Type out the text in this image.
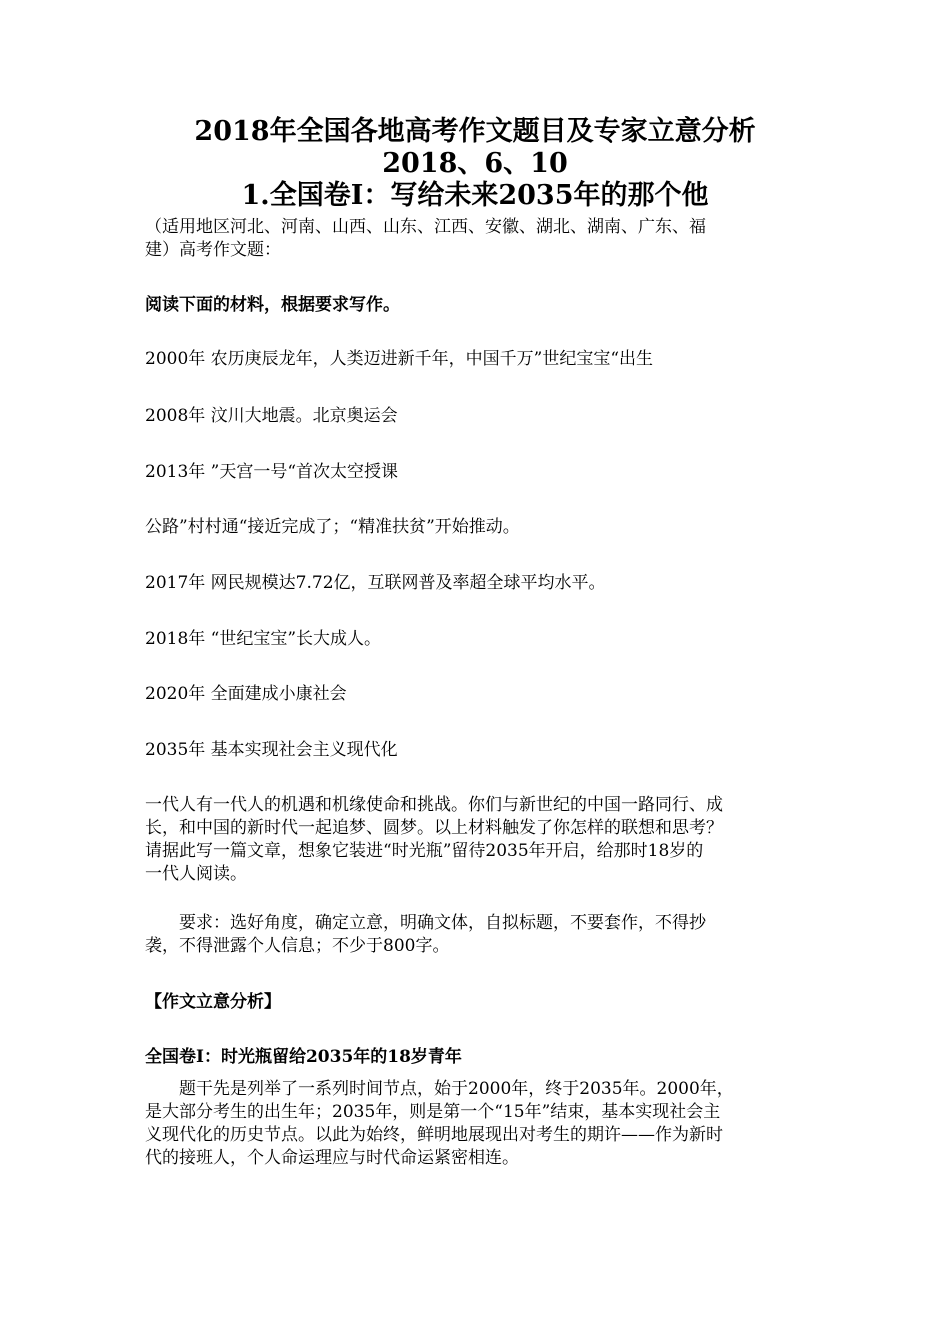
2018年全国各地高考作文题目及专家立意分析
2018、6、10
1.全国卷Ⅰ：写给未来2035年的那个他
（适用地区河北、河南、山西、山东、江西、安徽、湖北、湖南、广东、福
建）高考作文题：
阅读下面的材料，根据要求写作。
2000年 农历庚辰龙年，人类迈进新千年，中国千万”世纪宝宝“出生
2008年 汶川大地震。北京奥运会
2013年 ”天宫一号“首次太空授课
公路”村村通“接近完成了；“精准扶贫”开始推动。
2017年 网民规模达7.72亿，互联网普及率超全球平均水平。
2018年 “世纪宝宝”长大成人。
2020年 全面建成小康社会
2035年 基本实现社会主义现代化
一代人有一代人的机遇和机缘使命和挑战。你们与新世纪的中国一路同行、成
长，和中国的新时代一起追梦、圆梦。以上材料触发了你怎样的联想和思考？
请据此写一篇文章，想象它装进“时光瓶”留待2035年开启，给那时18岁的
一代人阅读。
要求：选好角度，确定立意，明确文体，自拟标题，不要套作，不得抄
袭，不得泄露个人信息；不少于800字。
【作文立意分析】
全国卷Ⅰ：时光瓶留给2035年的18岁青年
题干先是列举了一系列时间节点，始于2000年，终于2035年。2000年，
是大部分考生的出生年；2035年，则是第一个“15年”结束，基本实现社会主
义现代化的历史节点。以此为始终，鲜明地展现出对考生的期许——作为新时
代的接班人，个人命运理应与时代命运紧密相连。
